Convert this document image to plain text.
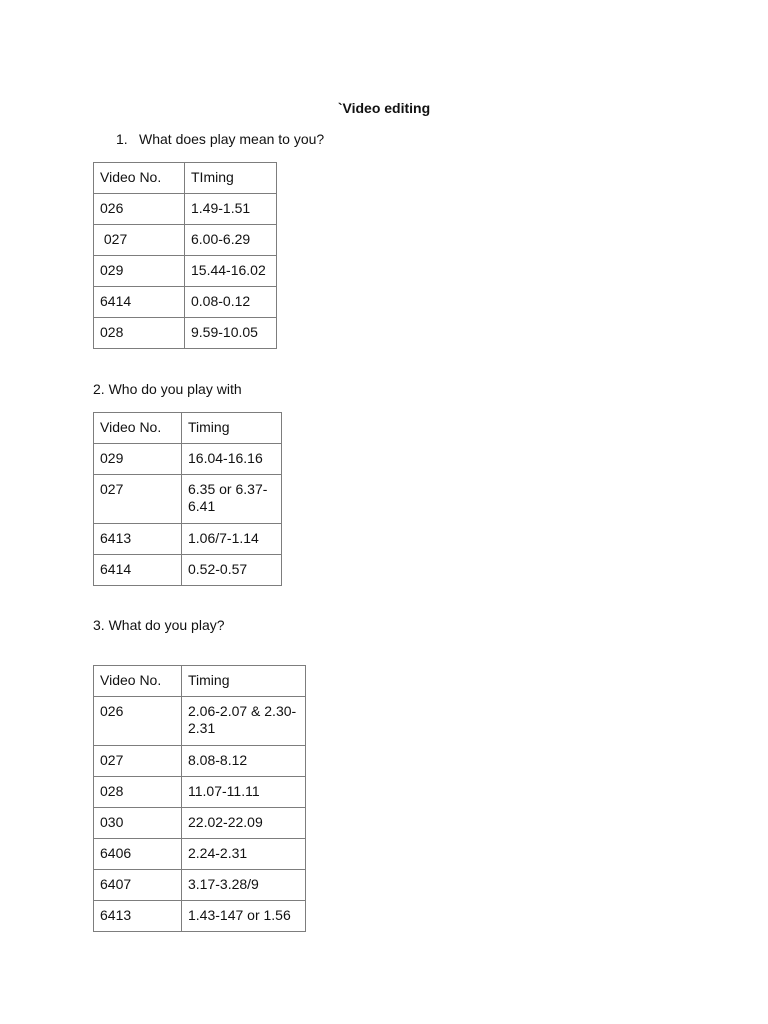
`Video editing
1. What does play mean to you?
Video No.	TIming
026	1.49-1.51
027	6.00-6.29
029	15.44-16.02
6414	0.08-0.12
028	9.59-10.05
2. Who do you play with
Video No.	Timing
029	16.04-16.16
027	6.35 or 6.37-6.41
6413	1.06/7-1.14
6414	0.52-0.57
3. What do you play?
Video No.	Timing
026	2.06-2.07 & 2.30-2.31
027	8.08-8.12
028	11.07-11.11
030	22.02-22.09
6406	2.24-2.31
6407	3.17-3.28/9
6413	1.43-147 or 1.56
